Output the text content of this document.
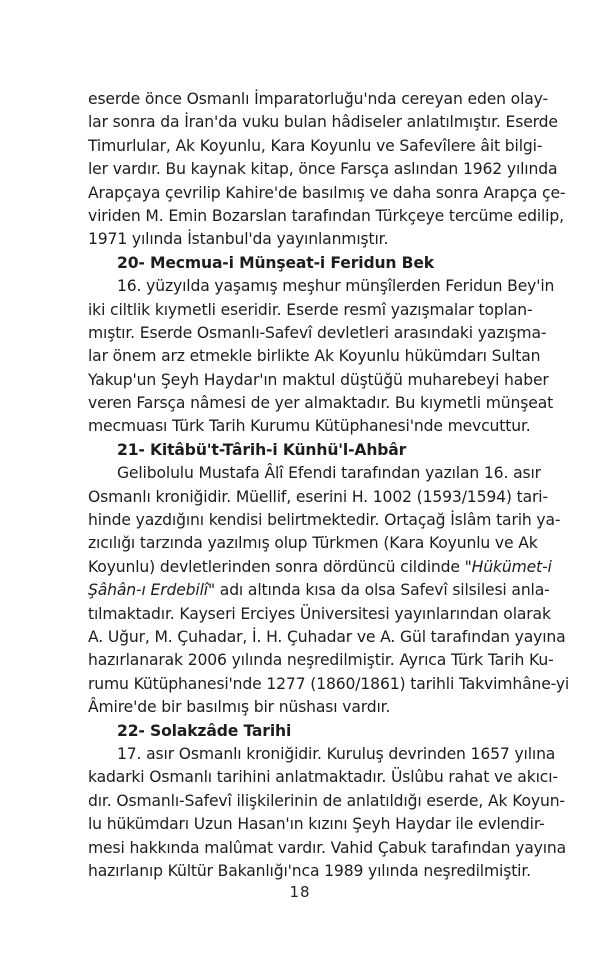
eserde önce Osmanlı İmparatorluğu'nda cereyan eden olay-
lar sonra da İran'da vuku bulan hâdiseler anlatılmıştır. Eserde
Timurlular, Ak Koyunlu, Kara Koyunlu ve Safevîlere âit bilgi-
ler vardır. Bu kaynak kitap, önce Farsça aslından 1962 yılında
Arapçaya çevrilip Kahire'de basılmış ve daha sonra Arapça çe-
viriden M. Emin Bozarslan tarafından Türkçeye tercüme edilip,
1971 yılında İstanbul'da yayınlanmıştır.
20- Mecmua-i Münşeat-i Feridun Bek
16. yüzyılda yaşamış meşhur münşîlerden Feridun Bey'in
iki ciltlik kıymetli eseridir. Eserde resmî yazışmalar toplan-
mıştır. Eserde Osmanlı-Safevî devletleri arasındaki yazışma-
lar önem arz etmekle birlikte Ak Koyunlu hükümdarı Sultan
Yakup'un Şeyh Haydar'ın maktul düştüğü muharebeyi haber
veren Farsça nâmesi de yer almaktadır. Bu kıymetli münşeat
mecmuası Türk Tarih Kurumu Kütüphanesi'nde mevcuttur.
21- Kitâbü't-Târih-i Künhü'l-Ahbâr
Gelibolulu Mustafa Âlî Efendi tarafından yazılan 16. asır
Osmanlı kroniğidir. Müellif, eserini H. 1002 (1593/1594) tari-
hinde yazdığını kendisi belirtmektedir. Ortaçağ İslâm tarih ya-
zıcılığı tarzında yazılmış olup Türkmen (Kara Koyunlu ve Ak
Koyunlu) devletlerinden sonra dördüncü cildinde "Hükümet-i
Şâhân-ı Erdebilî" adı altında kısa da olsa Safevî silsilesi anla-
tılmaktadır. Kayseri Erciyes Üniversitesi yayınlarından olarak
A. Uğur, M. Çuhadar, İ. H. Çuhadar ve A. Gül tarafından yayına
hazırlanarak 2006 yılında neşredilmiştir. Ayrıca Türk Tarih Ku-
rumu Kütüphanesi'nde 1277 (1860/1861) tarihli Takvimhâne-yi
Âmire'de bir basılmış bir nüshası vardır.
22- Solakzâde Tarihi
17. asır Osmanlı kroniğidir. Kuruluş devrinden 1657 yılına
kadarki Osmanlı tarihini anlatmaktadır. Üslûbu rahat ve akıcı-
dır. Osmanlı-Safevî ilişkilerinin de anlatıldığı eserde, Ak Koyun-
lu hükümdarı Uzun Hasan'ın kızını Şeyh Haydar ile evlendir-
mesi hakkında malûmat vardır. Vahid Çabuk tarafından yayına
hazırlanıp Kültür Bakanlığı'nca 1989 yılında neşredilmiştir.
18
